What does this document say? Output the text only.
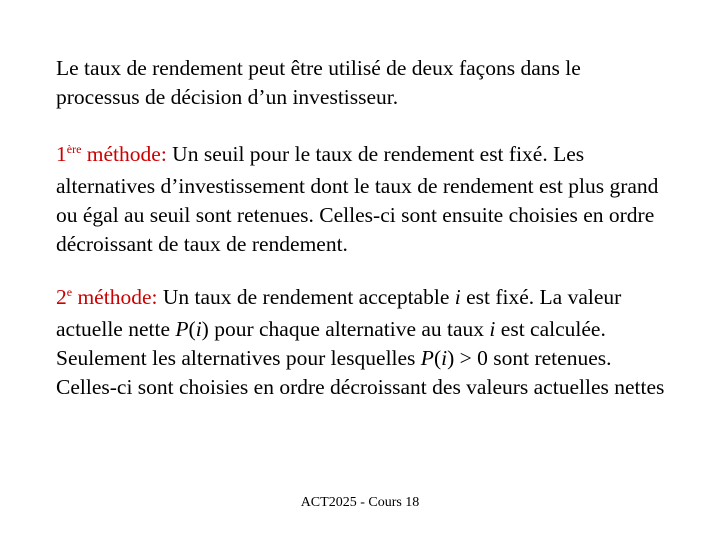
Le taux de rendement peut être utilisé de deux façons dans le processus de décision d’un investisseur.

1ère méthode: Un seuil pour le taux de rendement est fixé. Les alternatives d’investissement dont le taux de rendement est plus grand ou égal au seuil sont retenues. Celles-ci sont ensuite choisies en ordre décroissant de taux de rendement.

2e méthode: Un taux de rendement acceptable i est fixé. La valeur actuelle nette P(i) pour chaque alternative au taux i est calculée. Seulement les alternatives pour lesquelles P(i) > 0 sont retenues. Celles-ci sont choisies en ordre décroissant des valeurs actuelles nettes

ACT2025 - Cours 18
